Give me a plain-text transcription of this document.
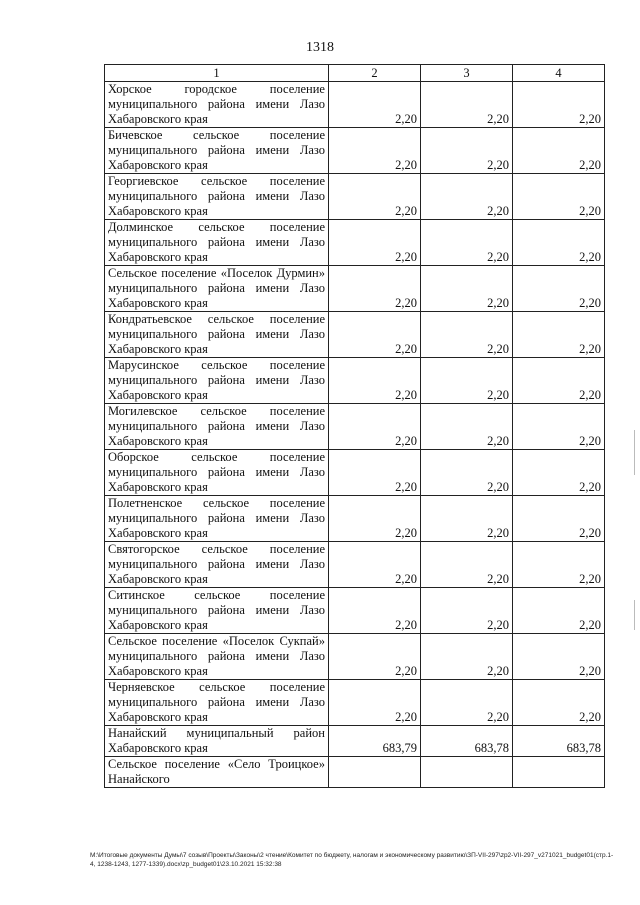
1318
1	2	3	4
Хорское городское поселение муниципального района имени Лазо Хабаровского края	2,20	2,20	2,20
Бичевское сельское поселение муниципального района имени Лазо Хабаровского края	2,20	2,20	2,20
Георгиевское сельское поселение муниципального района имени Лазо Хабаровского края	2,20	2,20	2,20
Долминское сельское поселение муниципального района имени Лазо Хабаровского края	2,20	2,20	2,20
Сельское поселение «Поселок Дурмин» муниципального района имени Лазо Хабаровского края	2,20	2,20	2,20
Кондратьевское сельское поселение муниципального района имени Лазо Хабаровского края	2,20	2,20	2,20
Марусинское сельское поселение муниципального района имени Лазо Хабаровского края	2,20	2,20	2,20
Могилевское сельское поселение муниципального района имени Лазо Хабаровского края	2,20	2,20	2,20
Оборское сельское поселение муниципального района имени Лазо Хабаровского края	2,20	2,20	2,20
Полетненское сельское поселение муниципального района имени Лазо Хабаровского края	2,20	2,20	2,20
Святогорское сельское поселение муниципального района имени Лазо Хабаровского края	2,20	2,20	2,20
Ситинское сельское поселение муниципального района имени Лазо Хабаровского края	2,20	2,20	2,20
Сельское поселение «Поселок Сукпай» муниципального района имени Лазо Хабаровского края	2,20	2,20	2,20
Черняевское сельское поселение муниципального района имени Лазо Хабаровского края	2,20	2,20	2,20
Нанайский муниципальный район Хабаровского края	683,79	683,78	683,78
Сельское поселение «Село Троицкое» Нанайского			
M:\Итоговые документы Думы\7 созыв\Проекты\Законы\2 чтение\Комитет по бюджету, налогам и экономическому развитию\ЗП-VII-297\zp2-VII-297_v271021_budget01(стр.1-4, 1238-1243, 1277-1339).docx\zp_budget01\23.10.2021 15:32:38
